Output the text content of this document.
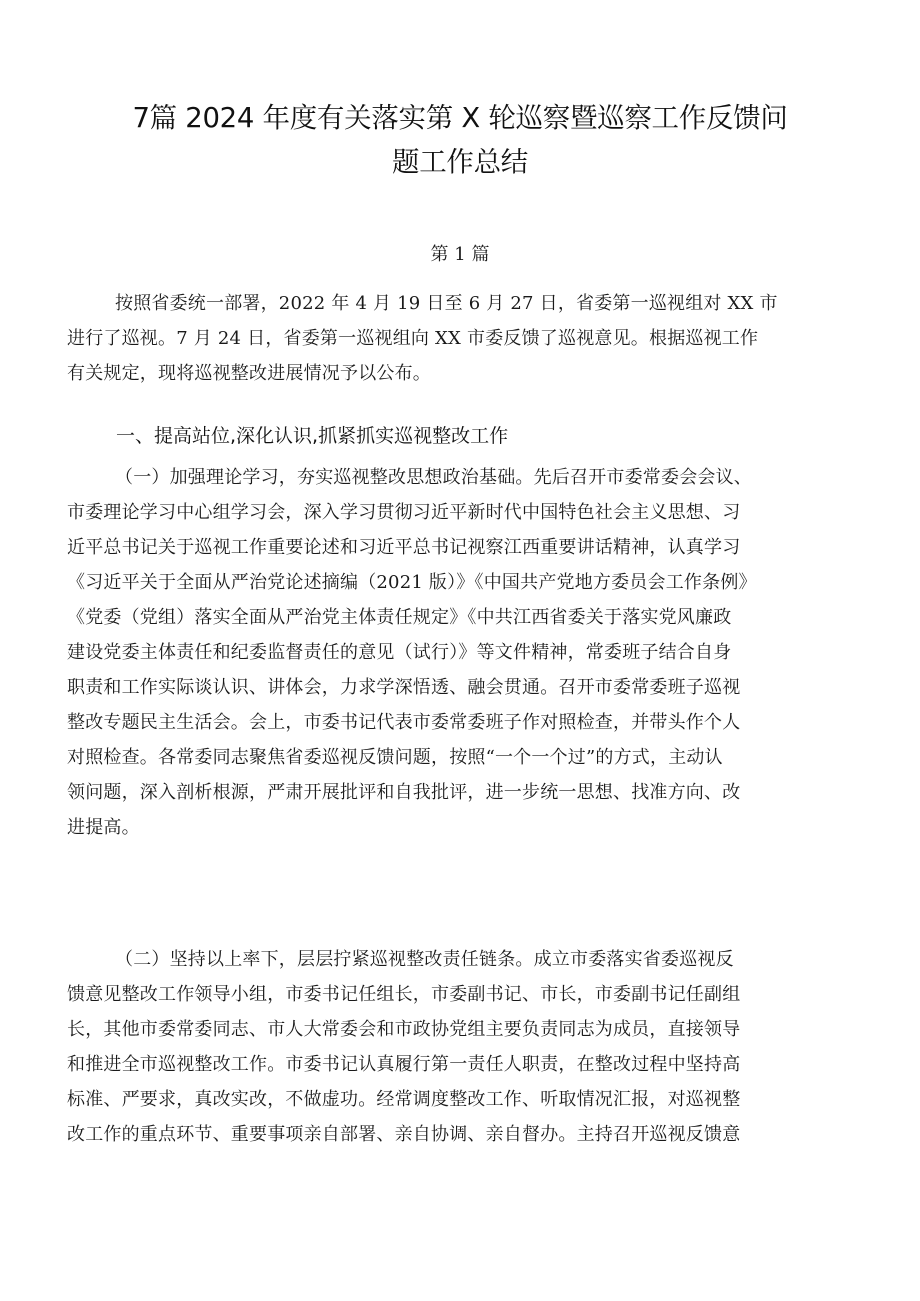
7篇 2024 年度有关落实第 X 轮巡察暨巡察工作反馈问
题工作总结
第 1 篇
按照省委统一部署，2022 年 4 月 19 日至 6 月 27 日，省委第一巡视组对 XX 市
进行了巡视。7 月 24 日，省委第一巡视组向 XX 市委反馈了巡视意见。根据巡视工作
有关规定，现将巡视整改进展情况予以公布。
一、提高站位,深化认识,抓紧抓实巡视整改工作
（一）加强理论学习，夯实巡视整改思想政治基础。先后召开市委常委会会议、
市委理论学习中心组学习会，深入学习贯彻习近平新时代中国特色社会主义思想、习
近平总书记关于巡视工作重要论述和习近平总书记视察江西重要讲话精神，认真学习
《习近平关于全面从严治党论述摘编（2021 版）》《中国共产党地方委员会工作条例》
《党委（党组）落实全面从严治党主体责任规定》《中共江西省委关于落实党风廉政
建设党委主体责任和纪委监督责任的意见（试行）》等文件精神，常委班子结合自身
职责和工作实际谈认识、讲体会，力求学深悟透、融会贯通。召开市委常委班子巡视
整改专题民主生活会。会上，市委书记代表市委常委班子作对照检查，并带头作个人
对照检查。各常委同志聚焦省委巡视反馈问题，按照“一个一个过”的方式，主动认
领问题，深入剖析根源，严肃开展批评和自我批评，进一步统一思想、找准方向、改
进提高。
（二）坚持以上率下，层层拧紧巡视整改责任链条。成立市委落实省委巡视反
馈意见整改工作领导小组，市委书记任组长，市委副书记、市长，市委副书记任副组
长，其他市委常委同志、市人大常委会和市政协党组主要负责同志为成员，直接领导
和推进全市巡视整改工作。市委书记认真履行第一责任人职责，在整改过程中坚持高
标准、严要求，真改实改，不做虚功。经常调度整改工作、听取情况汇报，对巡视整
改工作的重点环节、重要事项亲自部署、亲自协调、亲自督办。主持召开巡视反馈意
